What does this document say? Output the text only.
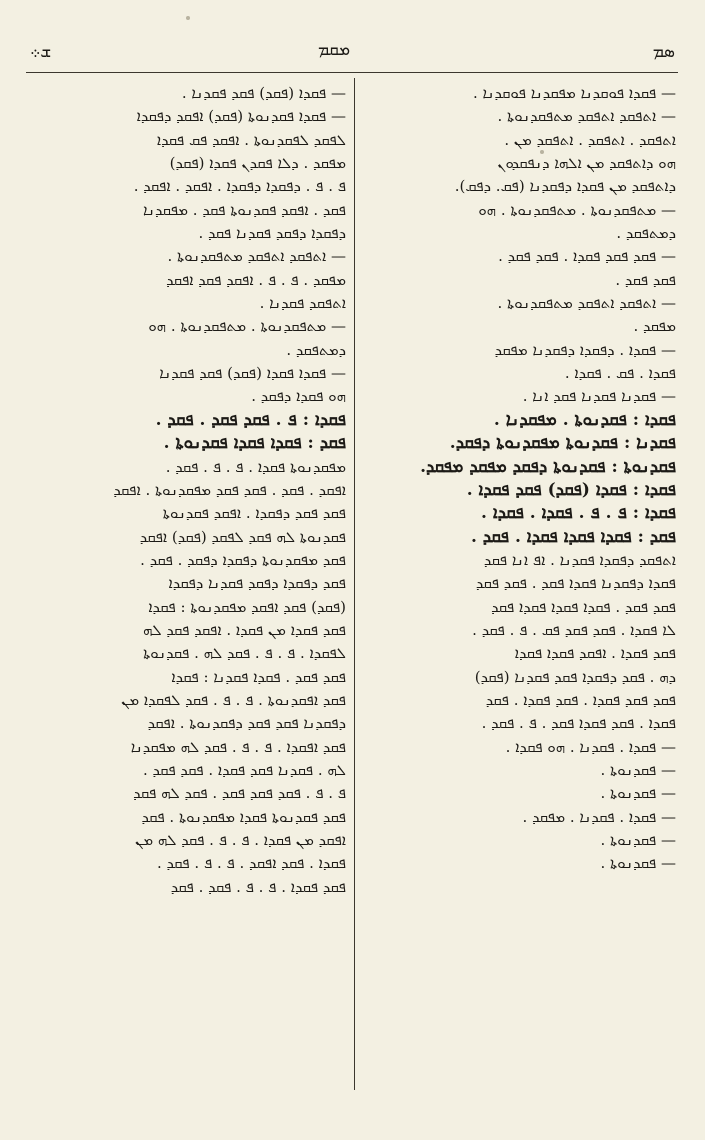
ܫ܀	ܡܩܡ	ܣܡ
— ܦܩܕܐ ܦܘܩܕܢܐ ܡܦܩܕܢܐ ܦܘܩܕܢܐ .
— ܐܬܦܩܕ ܐܬܦܩܕ ܡܬܦܩܕܢܘܬܐ .
ܐܬܦܩܕ . ܐܬܦܩܕ . ܐܬܦܩܕ ܡܢ .
ܗܘ ܕܐܬܦܩܕ ܡܢ ܐܠܗܐ ܕܢܦܩܕܘܢ
ܕܐܬܦܩܕ ܡܢ ܦܩܕܐ ܕܦܩܕܢܐ (ܦܩ. ܕܦܩ).
— ܡܬܦܩܕܢܘܬܐ . ܡܬܦܩܕܢܘܬܐ . ܗܘ
ܕܡܬܦܩܕ .
— ܦܩܕ ܦܩܕ ܦܩܕܐ . ܦܩܕ ܦܩܕ .
ܦܩܕ ܦܩܕ .
— ܐܬܦܩܕ ܐܬܦܩܕ ܡܬܦܩܕܢܘܬܐ .
ܡܦܩܕ .
— ܦܩܕܐ . ܕܦܩܕܐ ܕܦܩܕܢܐ ܡܦܩܕ
ܦܩܕܐ . ܦܩ . ܦܩܕܐ .
— ܦܩܕܢܐ ܦܩܕܢܐ ܦܩܕ ܐܢܐ .
ܦܩܕܐ : ܦܩܕܢܘܬܐ . ܡܦܩܕܢܐ .
ܦܩܕܢܐ : ܦܩܕܢܘܬܐ ܡܦܩܕܢܘܬܐ ܕܦܩܕ.
ܦܩܕܢܘܬܐ : ܦܩܕܢܘܬܐ ܕܦܩܕ ܡܦܩܕ ܡܦܩܕ.
ܦܩܕܐ : ܦܩܕܐ (ܦܩܕ) ܦܩܕ ܦܩܕܐ .
ܦܩܕܐ : ܦ . ܦ . ܦܩܕܐ . ܦܩܕܐ .
ܦܩܕ : ܦܩܕܐ ܦܩܕܐ ܦܩܕܐ . ܦܩܕ .
ܐܬܦܩܕ ܕܦܩܕܐ ܦܩܕܢܐ . ܐܦ ܐܢܐ ܦܩܕ
ܦܩܕܐ ܕܦܩܕܢܐ ܦܩܕܐ ܦܩܕ . ܦܩܕ ܦܩܕ
ܦܩܕ ܦܩܕ . ܦܩܕܐ ܦܩܕܐ ܦܩܕܐ ܦܩܕ
ܠܐ ܦܩܕܐ . ܦܩܕ ܦܩܕ ܦܩ . ܦ . ܦܩܕ .
ܦܩܕ ܦܩܕܐ . ܐܦܩܕ ܦܩܕܐ ܦܩܕܐ
ܕܗ . ܦܩܕ ܕܦܩܕܐ ܦܩܕ ܦܩܕܢܐ (ܦܩܕ)
ܦܩܕ ܦܩܕ ܦܩܕܐ . ܦܩܕ ܦܩܕܐ . ܦܩܕ
ܦܩܕܐ . ܦܩܕ ܦܩܕܐ ܦܩܕ . ܦ . ܦܩܕ .
— ܦܩܕܐ . ܦܩܕܢܐ . ܗܘ ܦܩܕܐ .
— ܦܩܕܢܘܬܐ .
— ܦܩܕܢܘܬܐ .
— ܦܩܕܐ . ܦܩܕܢܐ . ܡܦܩܕ .
— ܦܩܕܢܘܬܐ .
— ܦܩܕܢܘܬܐ .
— ܦܩܕܐ (ܦܩܕ) ܦܩܕ ܦܩܕܢܐ .
— ܦܩܕܐ ܦܩܕܢܘܬܐ (ܦܩܕ) ܐܦܩܕ ܕܦܩܕܐ
ܠܦܩܕ ܠܦܩܕܢܘܬܐ . ܐܦܩܕ ܦܩ ܦܩܕܐ
ܡܦܩܕ . ܕܠܐ ܦܩܕܢ ܦܩܕܐ (ܦܩܕ)
ܦ . ܦ . ܕܦܩܕܐ ܕܦܩܕܐ . ܐܦܩܕ . ܐܦܩܕ .
ܦܩܕ . ܐܦܩܕ ܦܩܕܢܘܬܐ ܦܩܕ . ܡܦܩܕܢܐ
ܕܦܩܕܐ ܕܦܩܕ ܦܩܕܢܐ ܦܩܕ .
— ܐܬܦܩܕ ܐܬܦܩܕ ܡܬܦܩܕܢܘܬܐ .
ܡܦܩܕ . ܦ . ܦ . ܐܦܩܕ ܦܩܕ ܐܦܩܕ
ܐܬܦܩܕ ܦܩܕܢܐ .
— ܡܬܦܩܕܢܘܬܐ . ܡܬܦܩܕܢܘܬܐ . ܗܘ
ܕܡܬܦܩܕ .
— ܦܩܕܐ ܦܩܕܐ (ܦܩܕ) ܦܩܕ ܦܩܕܢܐ
ܗܘ ܦܩܕܐ ܕܦܩܕ .
ܦܩܕܐ : ܦ . ܦܩܕ ܦܩܕ . ܦܩܕ .
ܦܩܕ : ܦܩܕܐ ܦܩܕܐ ܦܩܕܢܘܬܐ .
ܡܦܩܕܢܘܬܐ ܦܩܕܐ . ܦ . ܦ . ܦܩܕ .
ܐܦܩܕ . ܦܩܕ . ܦܩܕ ܦܩܕ ܡܦܩܕܢܘܬܐ . ܐܦܩܕ
ܦܩܕ ܦܩܕ ܕܦܩܕܐ . ܐܦܩܕ ܦܩܕܢܘܬܐ
ܦܩܕܢܘܬܐ ܠܗ ܦܩܕ ܠܦܩܕ (ܦܩܕ) ܐܦܩܕ
ܦܩܕ ܡܦܩܕܢܘܬܐ ܕܦܩܕܐ ܕܦܩܕ . ܦܩܕ .
ܦܩܕ ܕܦܩܕܐ ܕܦܩܕ ܦܩܕܢܐ ܕܦܩܕܐ
(ܦܩܕ) ܦܩܕ ܐܦܩܕ ܡܦܩܕܢܘܬܐ : ܦܩܕܐ
ܦܩܕ ܦܩܕܐ ܡܢ ܦܩܕܐ . ܐܦܩܕ ܦܩܕ ܠܗ
ܠܦܩܕܐ . ܦ . ܦ . ܦܩܕ ܠܗ . ܦܩܕܢܘܬܐ
ܦܩܕ ܦܩܕ . ܦܩܕܐ ܦܩܕܢܐ : ܦܩܕܐ
ܦܩܕ ܐܦܩܕܢܘܬܐ . ܦ . ܦ . ܦܩܕ ܠܦܩܕܐ ܡܢ
ܕܦܩܕܢܐ ܦܩܕ ܦܩܕ ܕܦܩܕܢܘܬܐ . ܐܦܩܕ
ܦܩܕ ܐܦܩܕܐ . ܦ . ܦ . ܦܩܕ ܠܗ ܡܦܩܕܢܐ
ܠܗ . ܦܩܕܢܐ ܦܩܕ ܦܩܕܐ . ܦܩܕ ܦܩܕ .
ܦ . ܦ . ܦܩܕ ܦܩܕ ܦܩܕ . ܦܩܕ ܠܗ ܦܩܕ
ܦܩܕ ܦܩܕܢܘܬܐ ܦܩܕܐ ܡܦܩܕܢܘܬܐ . ܦܩܕ
ܐܦܩܕ ܡܢ ܦܩܕܐ . ܦ . ܦ . ܦܩܕ ܠܗ ܡܢ
ܦܩܕܐ . ܦܩܕ ܐܦܩܕ . ܦ . ܦ . ܦܩܕ .
ܦܩܕ ܦܩܕܐ . ܦ . ܦ . ܦܩܕ . ܦܩܕ
